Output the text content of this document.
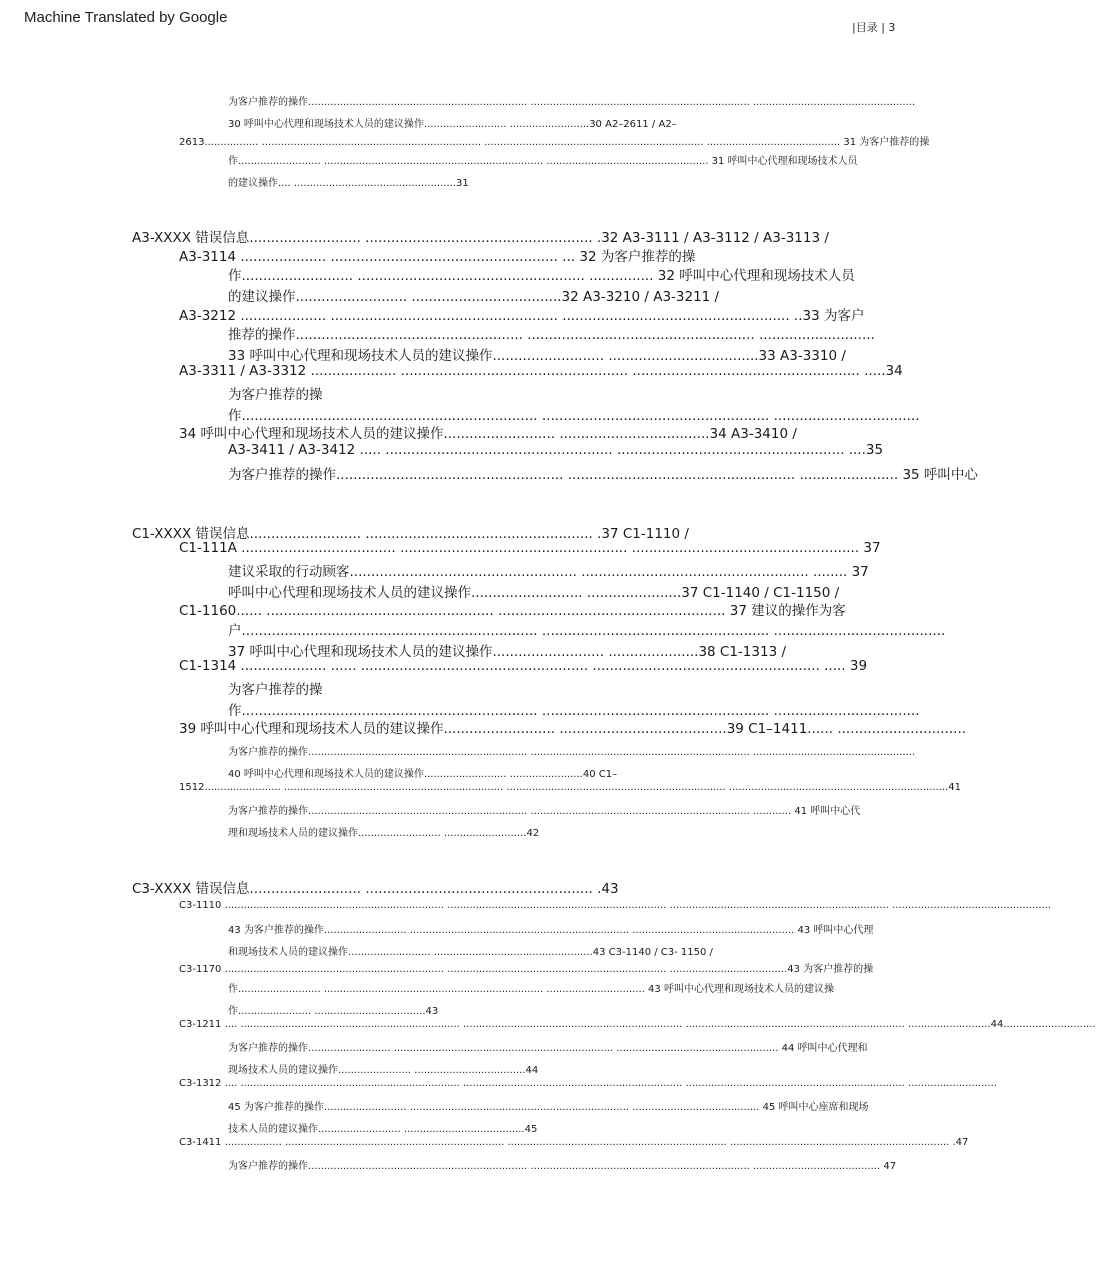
Machine Translated by Google
|目录 | 3
为客户推荐的操作..................................................................... ..................................................................... ...................................................
30 呼叫中心代理和现场技术人员的建议操作.......................... .........................30 A2–2611 / A2–
2613................. ..................................................................... ..................................................................... .......................................... 31 为客户推荐的操
作.......................... ..................................................................... ................................................... 31 呼叫中心代理和现场技术人员
的建议操作.... ...................................................31
A3-XXXX 错误信息.......................... ..................................................... .32 A3-3111 / A3-3112 / A3-3113 /
A3-3114 .................... ..................................................... ... 32 为客户推荐的操
作.......................... ..................................................... ............... 32 呼叫中心代理和现场技术人员
的建议操作.......................... ...................................32 A3-3210 / A3-3211 /
A3-3212 .................... ..................................................... ..................................................... ..33 为客户
推荐的操作..................................................... ..................................................... ...........................
33 呼叫中心代理和现场技术人员的建议操作.......................... ...................................33 A3-3310 /
A3-3311 / A3-3312 .................... ..................................................... ..................................................... .....34
为客户推荐的操
作..................................................................... ..................................................... ..................................
34 呼叫中心代理和现场技术人员的建议操作.......................... ...................................34 A3-3410 /
A3-3411 / A3-3412 ..... ..................................................... ..................................................... ....35
为客户推荐的操作..................................................... ..................................................... ....................... 35 呼叫中心
C1-XXXX 错误信息.......................... ..................................................... .37 C1-1110 /
C1-111A .................................... ..................................................... ..................................................... 37
建议采取的行动顾客..................................................... ..................................................... ........ 37
呼叫中心代理和现场技术人员的建议操作.......................... ......................37 C1-1140 / C1-1150 /
C1-1160...... ..................................................... ..................................................... 37 建议的操作为客
户..................................................................... ..................................................... ........................................
37 呼叫中心代理和现场技术人员的建议操作.......................... .....................38 C1-1313 /
C1-1314 .................... ...... ..................................................... ..................................................... ..... 39
为客户推荐的操
作..................................................................... ..................................................... ..................................
39 呼叫中心代理和现场技术人员的建议操作.......................... .......................................39 C1–1411...... ..............................
为客户推荐的操作..................................................................... ..................................................................... ...................................................
40 呼叫中心代理和现场技术人员的建议操作.......................... .......................40 C1–
1512........................ ..................................................................... ..................................................................... .....................................................................41
为客户推荐的操作..................................................................... ..................................................................... ............ 41 呼叫中心代
理和现场技术人员的建议操作.......................... ..........................42
C3-XXXX 错误信息.......................... ..................................................... .43
C3-1110 ..................................................................... ..................................................................... ..................................................................... ..................................................
43 为客户推荐的操作.......................... ..................................................................... ................................................... 43 呼叫中心代理
和现场技术人员的建议操作.......................... ..................................................43 C3-1140 / C3- 1150 /
C3-1170 ..................................................................... ..................................................................... .....................................43 为客户推荐的操
作.......................... ..................................................................... ............................... 43 呼叫中心代理和现场技术人员的建议操
作....................... ...................................43
C3-1211 .... ..................................................................... ..................................................................... ..................................................................... ..........................44.............................
为客户推荐的操作.......................... ..................................................................... ................................................... 44 呼叫中心代理和
现场技术人员的建议操作....................... ...................................44
C3-1312 .... ..................................................................... ..................................................................... ..................................................................... ............................
45 为客户推荐的操作.......................... ..................................................................... ........................................ 45 呼叫中心座席和现场
技术人员的建议操作.......................... ......................................45
C3-1411 .................. ..................................................................... ..................................................................... ..................................................................... .47
为客户推荐的操作..................................................................... ..................................................................... ........................................ 47
